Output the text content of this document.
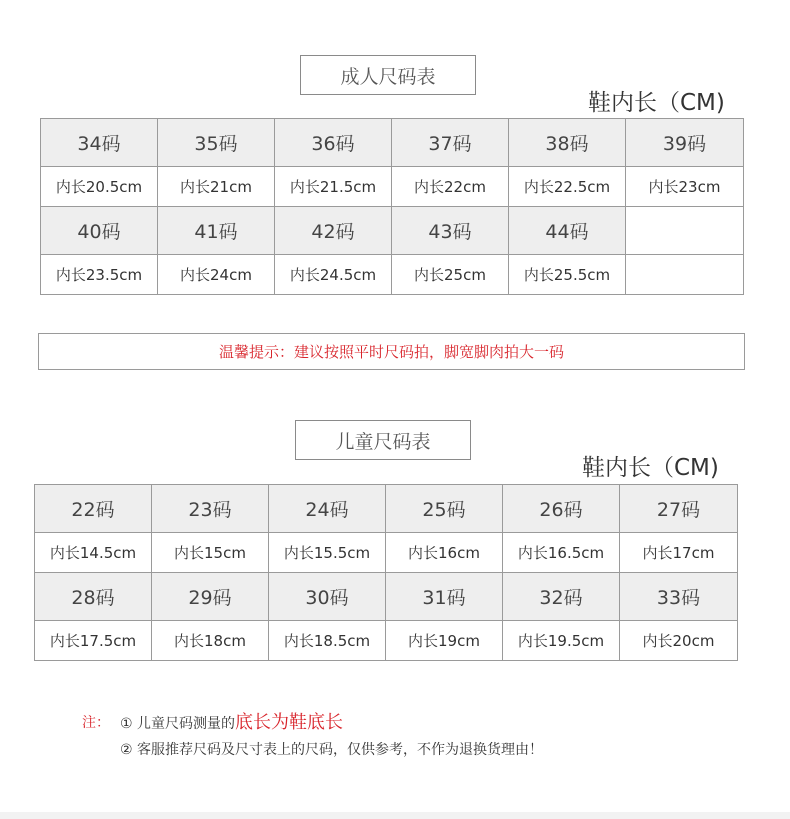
成人尺码表
鞋内长（CM)
34码	35码	36码	37码	38码	39码
内长20.5cm	内长21cm	内长21.5cm	内长22cm	内长22.5cm	内长23cm
40码	41码	42码	43码	44码	
内长23.5cm	内长24cm	内长24.5cm	内长25cm	内长25.5cm	
温馨提示：建议按照平时尺码拍，脚宽脚肉拍大一码
儿童尺码表
鞋内长（CM)
22码	23码	24码	25码	26码	27码
内长14.5cm	内长15cm	内长15.5cm	内长16cm	内长16.5cm	内长17cm
28码	29码	30码	31码	32码	33码
内长17.5cm	内长18cm	内长18.5cm	内长19cm	内长19.5cm	内长20cm
注： ① 儿童尺码测量的底长为鞋底长
② 客服推荐尺码及尺寸表上的尺码，仅供参考，不作为退换货理由！
